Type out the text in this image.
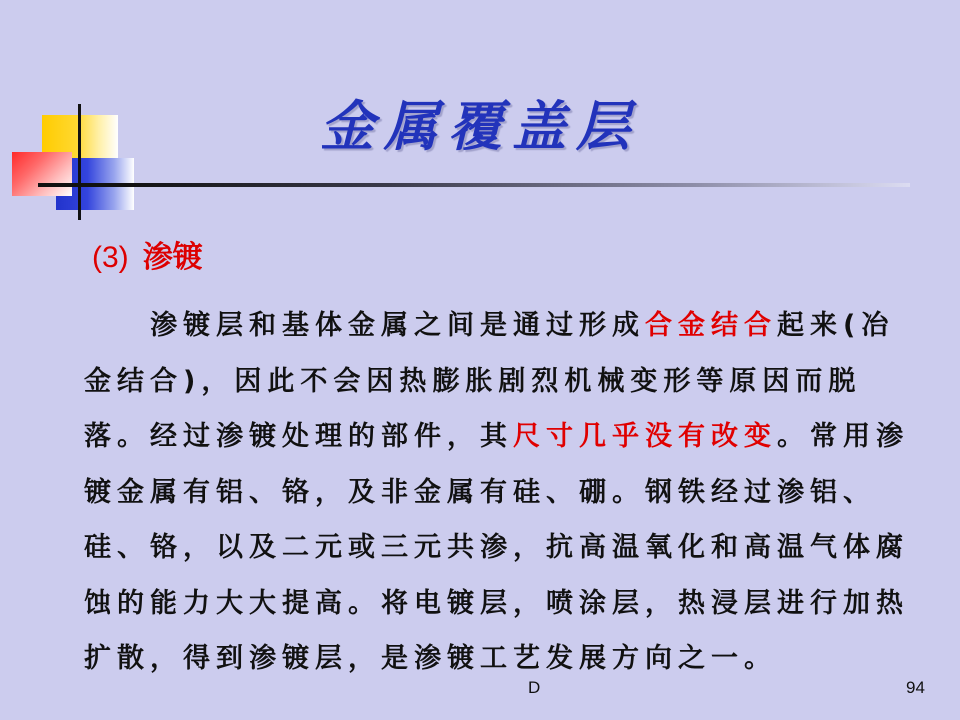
金属覆盖层
(3) 渗镀
渗镀层和基体金属之间是通过形成合金结合起来(冶金结合)，因此不会因热膨胀剧烈机械变形等原因而脱落。经过渗镀处理的部件，其尺寸几乎没有改变。常用渗镀金属有铝、铬，及非金属有硅、硼。钢铁经过渗铝、硅、铬，以及二元或三元共渗，抗高温氧化和高温气体腐蚀的能力大大提高。将电镀层，喷涂层，热浸层进行加热扩散，得到渗镀层，是渗镀工艺发展方向之一。
D	94
